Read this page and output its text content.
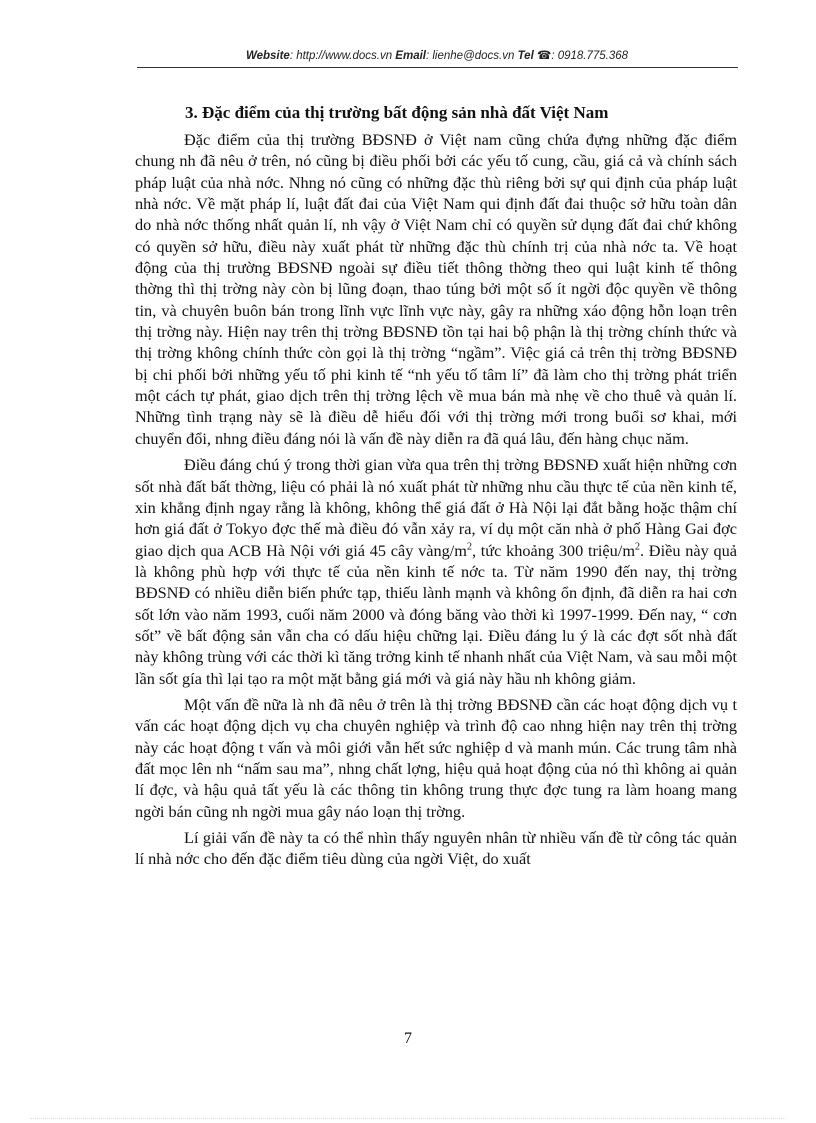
Website: http://www.docs.vn Email: lienhe@docs.vn Tel ☎: 0918.775.368
3. Đặc điểm của thị trường bất động sản nhà đất Việt Nam

Đặc điểm của thị trường BĐSNĐ ở Việt nam cũng chứa đựng những đặc điểm chung nh đã nêu ở trên, nó cũng bị điều phối bởi các yếu tố cung, cầu, giá cả và chính sách pháp luật của nhà nớc. Nhng nó cũng có những đặc thù riêng bởi sự qui định của pháp luật nhà nớc. Về mặt pháp lí, luật đất đai của Việt Nam qui định đất đai thuộc sở hữu toàn dân do nhà nớc thống nhất quản lí, nh vậy ở Việt Nam chỉ có quyền sử dụng đất đai chứ không có quyền sở hữu, điều này xuất phát từ những đặc thù chính trị của nhà nớc ta. Về hoạt động của thị trường BĐSNĐ ngoài sự điều tiết thông thờng theo qui luật kinh tế thông thờng thì thị trờng này còn bị lũng đoạn, thao túng bởi một số ít ngời độc quyền về thông tin, và chuyên buôn bán trong lĩnh vực lĩnh vực này, gây ra những xáo động hỗn loạn trên thị trờng này. Hiện nay trên thị trờng BĐSNĐ tồn tại hai bộ phận là thị trờng chính thức và thị trờng không chính thức còn gọi là thị trờng “ngầm”. Việc giá cả trên thị trờng BĐSNĐ bị chi phối bởi những yếu tố phi kinh tế “nh yếu tố tâm lí” đã làm cho thị trờng phát triển một cách tự phát, giao dịch trên thị trờng lệch về mua bán mà nhẹ về cho thuê và quản lí. Những tình trạng này sẽ là điều dễ hiểu đối với thị trờng mới trong buổi sơ khai, mới chuyển đổi, nhng điều đáng nói là vấn đề này diễn ra đã quá lâu, đến hàng chục năm.

Điều đáng chú ý trong thời gian vừa qua trên thị trờng BĐSNĐ xuất hiện những cơn sốt nhà đất bất thờng, liệu có phải là nó xuất phát từ những nhu cầu thực tế của nền kinh tế, xin khẳng định ngay rằng là không, không thể giá đất ở Hà Nội lại đắt bằng hoặc thậm chí hơn giá đất ở Tokyo đợc thế mà điều đó vẫn xảy ra, ví dụ một căn nhà ở phố Hàng Gai đợc giao dịch qua ACB Hà Nội với giá 45 cây vàng/$m^2$, tức khoảng 300 triệu/$m^2$. Điều này quả là không phù hợp với thực tế của nền kinh tế nớc ta. Từ năm 1990 đến nay, thị trờng BĐSNĐ có nhiều diễn biến phức tạp, thiếu lành mạnh và không ổn định, đã diễn ra hai cơn sốt lớn vào năm 1993, cuối năm 2000 và đóng băng vào thời kì 1997-1999. Đến nay, “ cơn sốt” về bất động sản vẫn cha có dấu hiệu chững lại. Điều đáng lu ý là các đợt sốt nhà đất này không trùng với các thời kì tăng trởng kinh tế nhanh nhất của Việt Nam, và sau mỗi một lần sốt gía thì lại tạo ra một mặt bằng giá mới và giá này hầu nh không giảm.

Một vấn đề nữa là nh đã nêu ở trên là thị trờng BĐSNĐ cần các hoạt động dịch vụ t vấn các hoạt động dịch vụ cha chuyên nghiệp và trình độ cao nhng hiện nay trên thị trờng này các hoạt động t vấn và môi giới vẫn hết sức nghiệp d và manh mún. Các trung tâm nhà đất mọc lên nh “nấm sau ma”, nhng chất lợng, hiệu quả hoạt động của nó thì không ai quản lí đợc, và hậu quả tất yếu là các thông tin không trung thực đợc tung ra làm hoang mang ngời bán cũng nh ngời mua gây náo loạn thị trờng.

Lí giải vấn đề này ta có thể nhìn thấy nguyên nhân từ nhiều vấn đề từ công tác quản lí nhà nớc cho đến đặc điểm tiêu dùng của ngời Việt, do xuất

7
